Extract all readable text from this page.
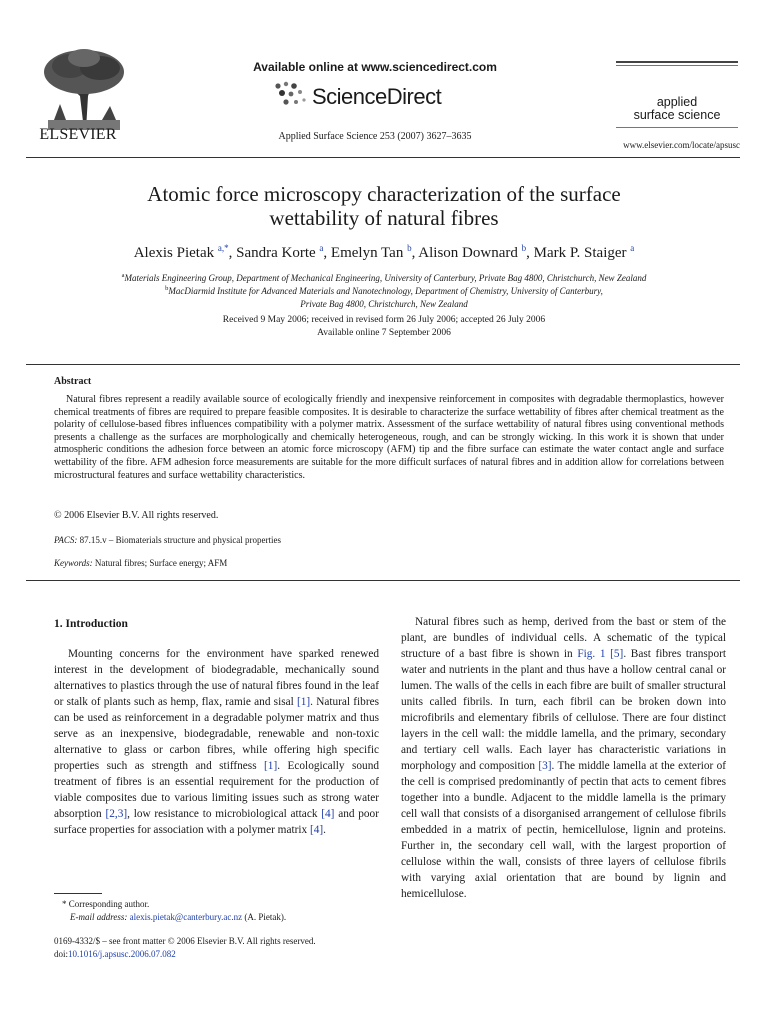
ELSEVIER
Available online at www.sciencedirect.com
ScienceDirect
Applied Surface Science 253 (2007) 3627–3635
applied
surface science
www.elsevier.com/locate/apsusc
Atomic force microscopy characterization of the surface
wettability of natural fibres
Alexis Pietak $^{a,*}$, Sandra Korte $^a$, Emelyn Tan $^b$, Alison Downard $^b$, Mark P. Staiger $^a$
$^a$Materials Engineering Group, Department of Mechanical Engineering, University of Canterbury, Private Bag 4800, Christchurch, New Zealand
$^b$MacDiarmid Institute for Advanced Materials and Nanotechnology, Department of Chemistry, University of Canterbury,
Private Bag 4800, Christchurch, New Zealand
Received 9 May 2006; received in revised form 26 July 2006; accepted 26 July 2006
Available online 7 September 2006
Abstract
Natural fibres represent a readily available source of ecologically friendly and inexpensive reinforcement in composites with degradable thermoplastics, however chemical treatments of fibres are required to prepare feasible composites. It is desirable to characterize the surface wettability of fibres after chemical treatment as the polarity of cellulose-based fibres influences compatibility with a polymer matrix. Assessment of the surface wettability of natural fibres using conventional methods presents a challenge as the surfaces are morphologically and chemically heterogeneous, rough, and can be strongly wicking. In this work it is shown that under atmospheric conditions the adhesion force between an atomic force microscopy (AFM) tip and the fibre surface can estimate the water contact angle and surface wettability of the fibre. AFM adhesion force measurements are suitable for the more difficult surfaces of natural fibres and in addition allow for correlations between microstructural features and surface wettability characteristics.
© 2006 Elsevier B.V. All rights reserved.
PACS: 87.15.v – Biomaterials structure and physical properties
Keywords: Natural fibres; Surface energy; AFM
1. Introduction
Mounting concerns for the environment have sparked renewed interest in the development of biodegradable, mechanically sound alternatives to plastics through the use of natural fibres found in the leaf or stalk of plants such as hemp, flax, ramie and sisal [1]. Natural fibres can be used as reinforcement in a degradable polymer matrix and thus serve as an inexpensive, biodegradable, renewable and non-toxic alternative to glass or carbon fibres, while offering high specific properties such as strength and stiffness [1]. Ecologically sound treatment of fibres is an essential requirement for the production of viable composites due to various limiting issues such as strong water absorption [2,3], low resistance to microbiological attack [4] and poor surface properties for association with a polymer matrix [4].
Natural fibres such as hemp, derived from the bast or stem of the plant, are bundles of individual cells. A schematic of the typical structure of a bast fibre is shown in Fig. 1 [5]. Bast fibres transport water and nutrients in the plant and thus have a hollow central canal or lumen. The walls of the cells in each fibre are built of smaller structural units called fibrils. In turn, each fibril can be broken down into microfibrils and elementary fibrils of cellulose. There are four distinct layers in the cell wall: the middle lamella, and the primary, secondary and tertiary cell walls. Each layer has characteristic variations in morphology and composition [3]. The middle lamella at the exterior of the cell is comprised predominantly of pectin that acts to cement fibres together into a bundle. Adjacent to the middle lamella is the primary cell wall that consists of a disorganised arrangement of cellulose fibrils embedded in a matrix of pectin, hemicellulose, lignin and proteins. Further in, the secondary cell wall, with the largest proportion of cellulose within the wall, consists of three layers of cellulose fibrils with varying axial orientation that are bound by lignin and hemicellulose.
* Corresponding author.
E-mail address: alexis.pietak@canterbury.ac.nz (A. Pietak).
0169-4332/$ – see front matter © 2006 Elsevier B.V. All rights reserved.
doi:10.1016/j.apsusc.2006.07.082
